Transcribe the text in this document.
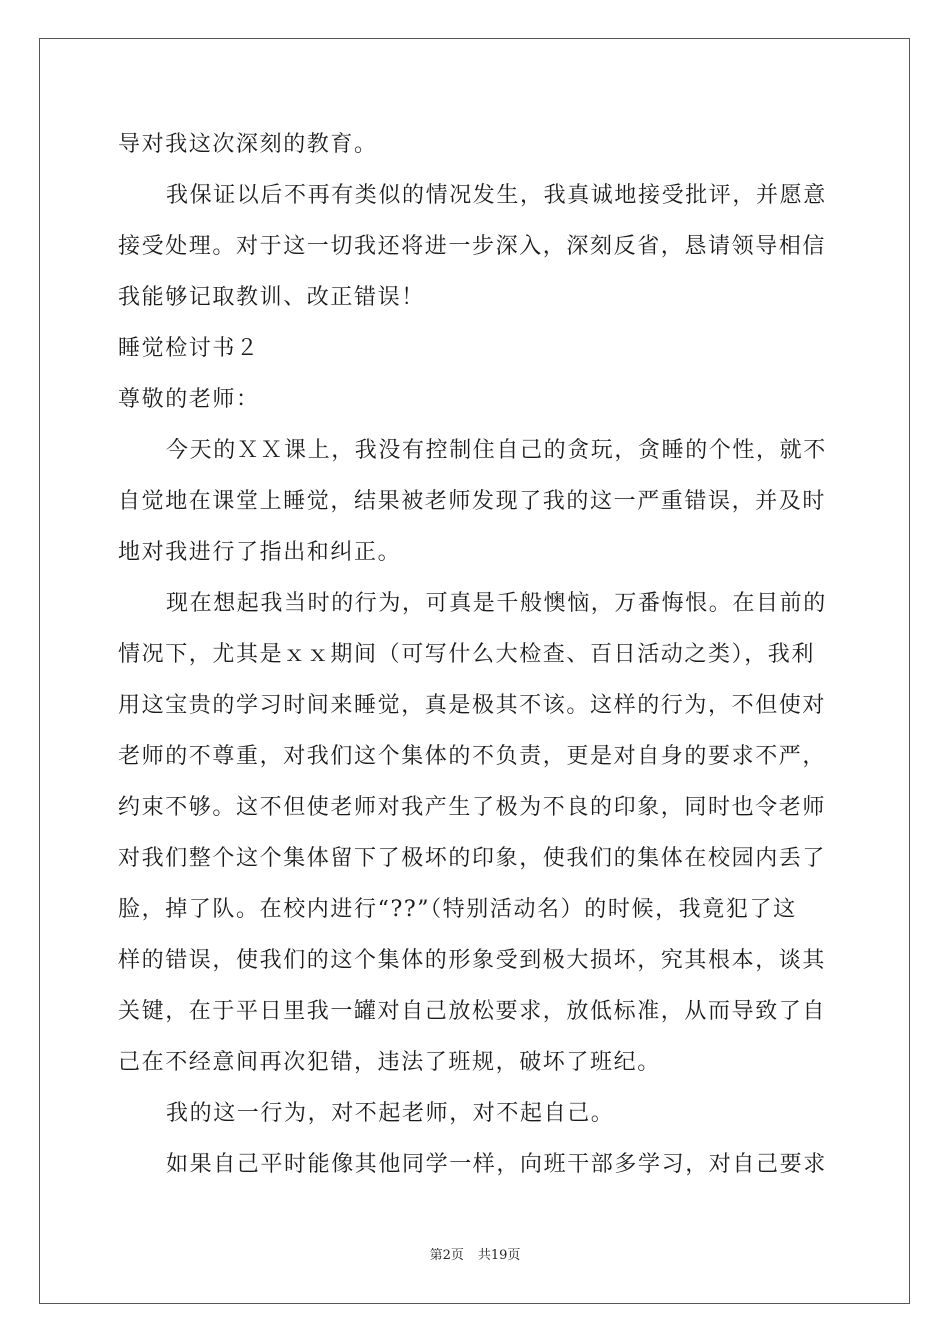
导对我这次深刻的教育。
我保证以后不再有类似的情况发生，我真诚地接受批评，并愿意
接受处理。对于这一切我还将进一步深入，深刻反省，恳请领导相信
我能够记取教训、改正错误！
睡觉检讨书２
尊敬的老师：
今天的ＸＸ课上，我没有控制住自己的贪玩，贪睡的个性，就不
自觉地在课堂上睡觉，结果被老师发现了我的这一严重错误，并及时
地对我进行了指出和纠正。
现在想起我当时的行为，可真是千般懊恼，万番悔恨。在目前的
情况下，尤其是ｘｘ期间（可写什么大检查、百日活动之类），我利
用这宝贵的学习时间来睡觉，真是极其不该。这样的行为，不但使对
老师的不尊重，对我们这个集体的不负责，更是对自身的要求不严，
约束不够。这不但使老师对我产生了极为不良的印象，同时也令老师
对我们整个这个集体留下了极坏的印象，使我们的集体在校园内丢了
脸，掉了队。在校内进行“??”（特别活动名）的时候，我竟犯了这
样的错误，使我们的这个集体的形象受到极大损坏，究其根本，谈其
关键，在于平日里我一罐对自己放松要求，放低标准，从而导致了自
己在不经意间再次犯错，违法了班规，破坏了班纪。
我的这一行为，对不起老师，对不起自己。
如果自己平时能像其他同学一样，向班干部多学习，对自己要求
第2页 共19页
